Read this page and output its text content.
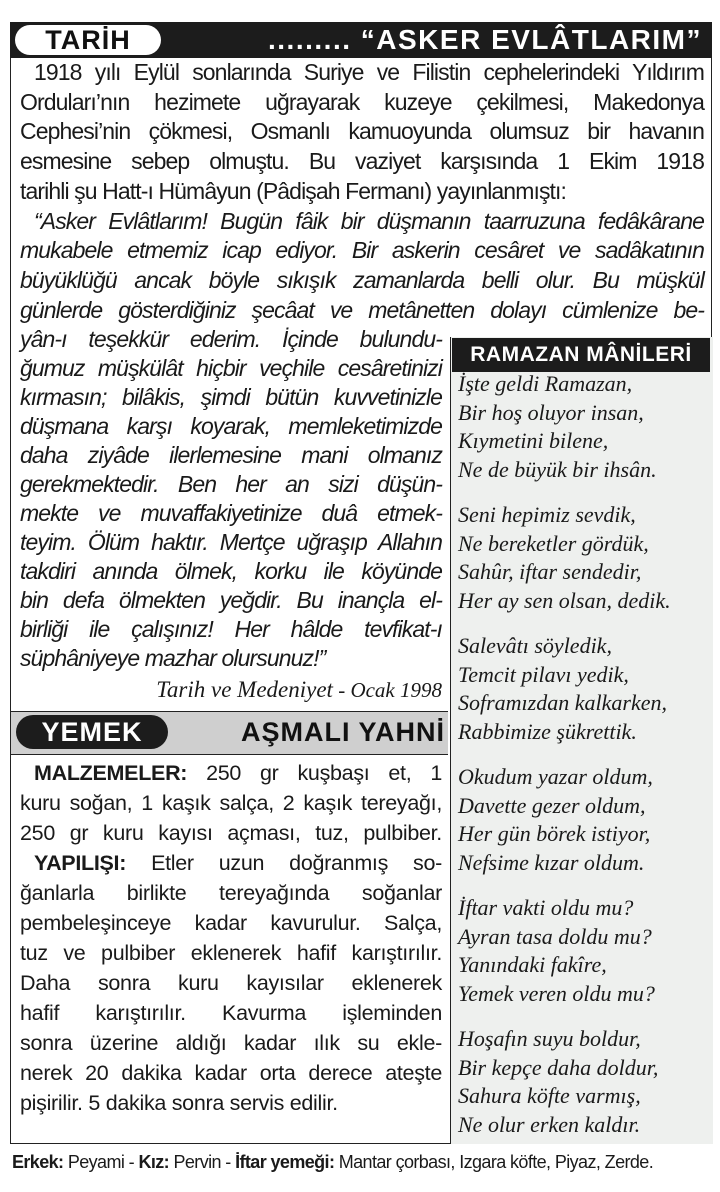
TARİH	......... “ASKER EVLÂTLARIM”
1918 yılı Eylül sonlarında Suriye ve Filistin cephelerindeki Yıldırım
Orduları’nın hezimete uğrayarak kuzeye çekilmesi, Makedonya
Cephesi’nin çökmesi, Osmanlı kamuoyunda olumsuz bir havanın
esmesine sebep olmuştu. Bu vaziyet karşısında 1 Ekim 1918
tarihli şu Hatt-ı Hümâyun (Pâdişah Fermanı) yayınlanmıştı:
“Asker Evlâtlarım! Bugün fâik bir düşmanın taarruzuna fedâkârane
mukabele etmemiz icap ediyor. Bir askerin cesâret ve sadâkatının
büyüklüğü ancak böyle sıkışık zamanlarda belli olur. Bu müşkül
günlerde gösterdiğiniz şecâat ve metânetten dolayı cümlenize be-
yân-ı teşekkür ederim. İçinde bulundu-
ğumuz müşkülât hiçbir veçhile cesâretinizi
kırmasın; bilâkis, şimdi bütün kuvvetinizle
düşmana karşı koyarak, memleketimizde
daha ziyâde ilerlemesine mani olmanız
gerekmektedir. Ben her an sizi düşün-
mekte ve muvaffakiyetinize duâ etmek-
teyim. Ölüm haktır. Mertçe uğraşıp Allahın
takdiri anında ölmek, korku ile köyünde
bin defa ölmekten yeğdir. Bu inançla el-
birliği ile çalışınız! Her hâlde tevfikat-ı
süphâniyeye mazhar olursunuz!”
Tarih ve Medeniyet - Ocak 1998
YEMEK	AŞMALI YAHNİ
MALZEMELER: 250 gr kuşbaşı et, 1
kuru soğan, 1 kaşık salça, 2 kaşık tereyağı,
250 gr kuru kayısı açması, tuz, pulbiber.
YAPILIŞI: Etler uzun doğranmış so-
ğanlarla birlikte tereyağında soğanlar
pembeleşinceye kadar kavurulur. Salça,
tuz ve pulbiber eklenerek hafif karıştırılır.
Daha sonra kuru kayısılar eklenerek
hafif karıştırılır. Kavurma işleminden
sonra üzerine aldığı kadar ılık su ekle-
nerek 20 dakika kadar orta derece ateşte
pişirilir. 5 dakika sonra servis edilir.
RAMAZAN MÂNİLERİ
İşte geldi Ramazan,
Bir hoş oluyor insan,
Kıymetini bilene,
Ne de büyük bir ihsân.
Seni hepimiz sevdik,
Ne bereketler gördük,
Sahûr, iftar sendedir,
Her ay sen olsan, dedik.
Salevâtı söyledik,
Temcit pilavı yedik,
Soframızdan kalkarken,
Rabbimize şükrettik.
Okudum yazar oldum,
Davette gezer oldum,
Her gün börek istiyor,
Nefsime kızar oldum.
İftar vakti oldu mu?
Ayran tasa doldu mu?
Yanındaki fakîre,
Yemek veren oldu mu?
Hoşafın suyu boldur,
Bir kepçe daha doldur,
Sahura köfte varmış,
Ne olur erken kaldır.
Erkek: Peyami - Kız: Pervin - İftar yemeği: Mantar çorbası, Izgara köfte, Piyaz, Zerde.
